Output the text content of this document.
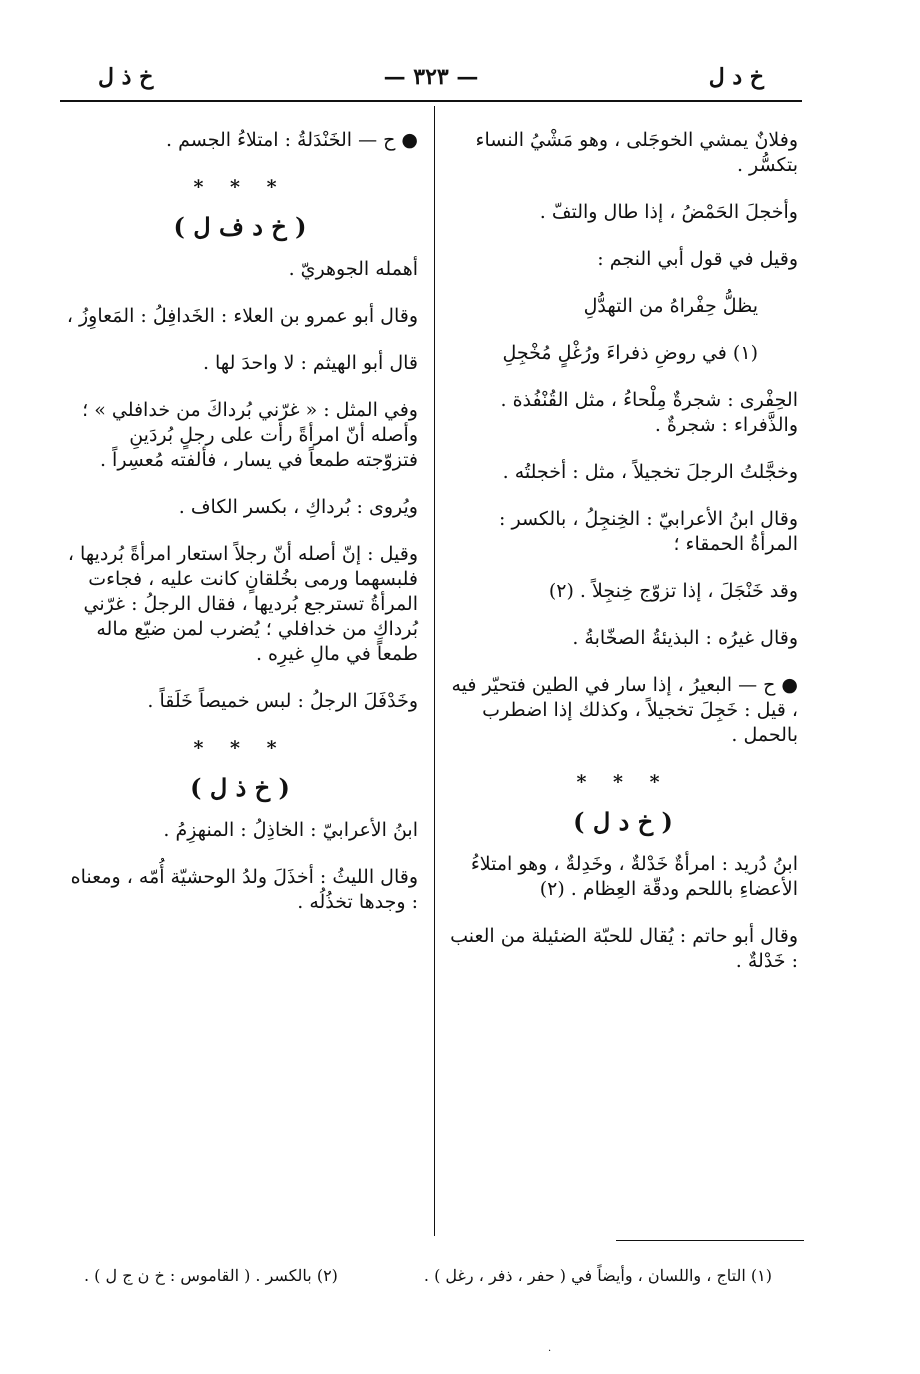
خ د ل
— ٣٢٣ —
خ ذ ل
وفلانٌ يمشي الخوجَلى ، وهو مَشْيُ النساء بتكسُّر .
وأخجلَ الحَمْضُ ، إذا طال والتفّ .
وقيل في قول أبي النجم :
يظلُّ حِفْراهُ من التهدُّلِ
(١) في روضِ ذفراءَ ورُغْلٍ مُخْجِلِ
الحِفْرى : شجرةٌ مِلْحاءُ ، مثل القُنْفُذة . والذَّفراء : شجرةٌ .
وخجَّلتُ الرجلَ تخجيلاً ، مثل : أخجلتُه .
وقال ابنُ الأعرابيّ : الخِنجِلُ ، بالكسر : المرأةُ الحمقاء ؛
وقد خَنْجَلَ ، إذا تزوّج خِنجِلاً . (٢)
وقال غيرُه : البذيئةُ الصخّابةُ .
● ح — البعيرُ ، إذا سار في الطين فتحيّر فيه ، قيل : خَجِلَ تخجيلاً ، وكذلك إذا اضطرب بالحمل .
* * *
( خ د ل )
ابنُ دُريد : امرأةٌ خَدْلةٌ ، وخَدِلةٌ ، وهو امتلاءُ الأعضاءِ باللحم ودقّة العِظام . (٢)
وقال أبو حاتم : يُقال للحبّة الضئيلة من العنب : خَدْلةٌ .
● ح — الخَنْدَلةُ : امتلاءُ الجسم .
* * *
( خ د ف ل )
أهمله الجوهريّ .
وقال أبو عمرو بن العلاء : الخَدافِلُ : المَعاوِزُ ،
قال أبو الهيثم : لا واحدَ لها .
وفي المثل : « غرّني بُرداكَ من خدافلي » ؛ وأصله أنّ امرأةً رأت على رجلٍ بُردَينِ فتزوّجته طمعاً في يسار ، فألفته مُعسِراً .
ويُروى : بُرداكِ ، بكسر الكاف .
وقيل : إنّ أصله أنّ رجلاً استعار امرأةً بُرديها ، فلبسهما ورمى بخُلقانٍ كانت عليه ، فجاءت المرأةُ تسترجع بُرديها ، فقال الرجلُ : غرّني بُرداكِ من خدافلي ؛ يُضرب لمن ضيّع ماله طمعاً في مالِ غيرِه .
وخَدْفَلَ الرجلُ : لبس خميصاً خَلَقاً .
* * *
( خ ذ ل )
ابنُ الأعرابيّ : الخاذِلُ : المنهزِمُ .
وقال الليثُ : أخذَلَ ولدُ الوحشيّة أُمّه ، ومعناه : وجدها تخذُلُه .
(١) التاج ، واللسان ، وأيضاً في ( حفر ، ذفر ، رغل ) .
(٢) بالكسر . ( القاموس : خ ن ج ل ) .
·
